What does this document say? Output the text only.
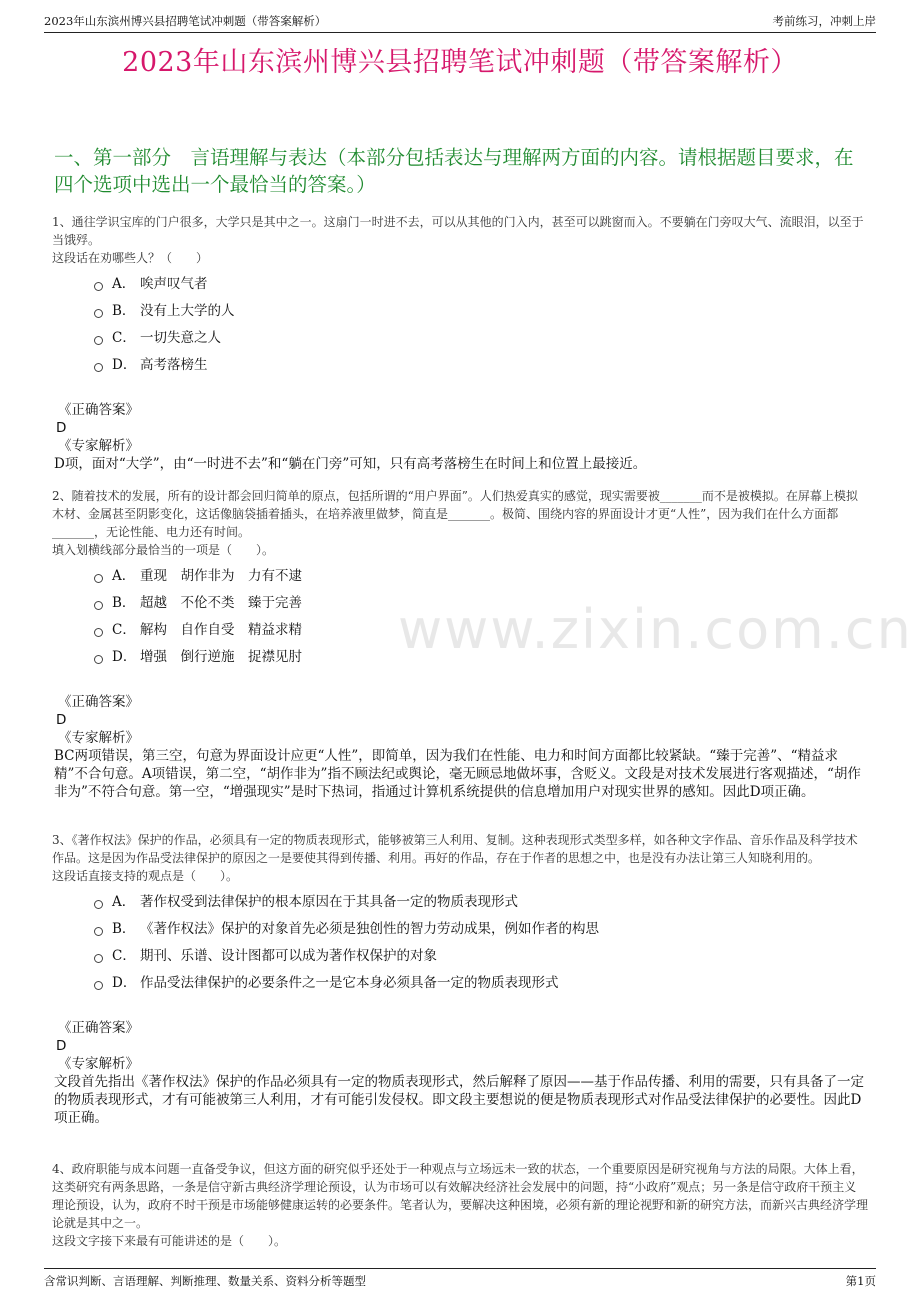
2023年山东滨州博兴县招聘笔试冲刺题（带答案解析）	考前练习，冲刺上岸
2023年山东滨州博兴县招聘笔试冲刺题（带答案解析）
一、第一部分　言语理解与表达（本部分包括表达与理解两方面的内容。请根据题目要求，在四个选项中选出一个最恰当的答案。）
www.zixin.com.cn
1、通往学识宝库的门户很多，大学只是其中之一。这扇门一时进不去，可以从其他的门入内，甚至可以跳窗而入。不要躺在门旁叹大气、流眼泪，以至于当饿殍。
这段话在劝哪些人？（　　）
A． 唉声叹气者
B． 没有上大学的人
C． 一切失意之人
D． 高考落榜生
《正确答案》
D
《专家解析》
D项，面对“大学”，由“一时进不去”和“躺在门旁”可知，只有高考落榜生在时间上和位置上最接近。
2、随着技术的发展，所有的设计都会回归简单的原点，包括所谓的“用户界面”。人们热爱真实的感觉，现实需要被_______而不是被模拟。在屏幕上模拟木材、金属甚至阴影变化，这话像脑袋插着插头，在培养液里做梦，简直是_______。极简、围绕内容的界面设计才更“人性”，因为我们在什么方面都_______，无论性能、电力还有时间。
填入划横线部分最恰当的一项是（　　）。
A． 重现　胡作非为　力有不逮
B． 超越　不伦不类　臻于完善
C． 解构　自作自受　精益求精
D． 增强　倒行逆施　捉襟见肘
《正确答案》
D
《专家解析》
BC两项错误，第三空，句意为界面设计应更“人性”，即简单，因为我们在性能、电力和时间方面都比较紧缺。“臻于完善”、“精益求精”不合句意。A项错误，第二空，“胡作非为”指不顾法纪或舆论，毫无顾忌地做坏事，含贬义。文段是对技术发展进行客观描述，“胡作非为”不符合句意。第一空，“增强现实”是时下热词，指通过计算机系统提供的信息增加用户对现实世界的感知。因此D项正确。
3、《著作权法》保护的作品，必须具有一定的物质表现形式，能够被第三人利用、复制。这种表现形式类型多样，如各种文字作品、音乐作品及科学技术作品。这是因为作品受法律保护的原因之一是要使其得到传播、利用。再好的作品，存在于作者的思想之中，也是没有办法让第三人知晓利用的。
这段话直接支持的观点是（　　）。
A． 著作权受到法律保护的根本原因在于其具备一定的物质表现形式
B． 《著作权法》保护的对象首先必须是独创性的智力劳动成果，例如作者的构思
C． 期刊、乐谱、设计图都可以成为著作权保护的对象
D． 作品受法律保护的必要条件之一是它本身必须具备一定的物质表现形式
《正确答案》
D
《专家解析》
文段首先指出《著作权法》保护的作品必须具有一定的物质表现形式，然后解释了原因——基于作品传播、利用的需要，只有具备了一定的物质表现形式，才有可能被第三人利用，才有可能引发侵权。即文段主要想说的便是物质表现形式对作品受法律保护的必要性。因此D项正确。
4、政府职能与成本问题一直备受争议，但这方面的研究似乎还处于一种观点与立场远未一致的状态，一个重要原因是研究视角与方法的局限。大体上看，这类研究有两条思路，一条是信守新古典经济学理论预设，认为市场可以有效解决经济社会发展中的问题，持“小政府”观点；另一条是信守政府干预主义理论预设，认为，政府不时干预是市场能够健康运转的必要条件。笔者认为，要解决这种困境，必须有新的理论视野和新的研究方法，而新兴古典经济学理论就是其中之一。
这段文字接下来最有可能讲述的是（　　）。
含常识判断、言语理解、判断推理、数量关系、资料分析等题型	第1页
